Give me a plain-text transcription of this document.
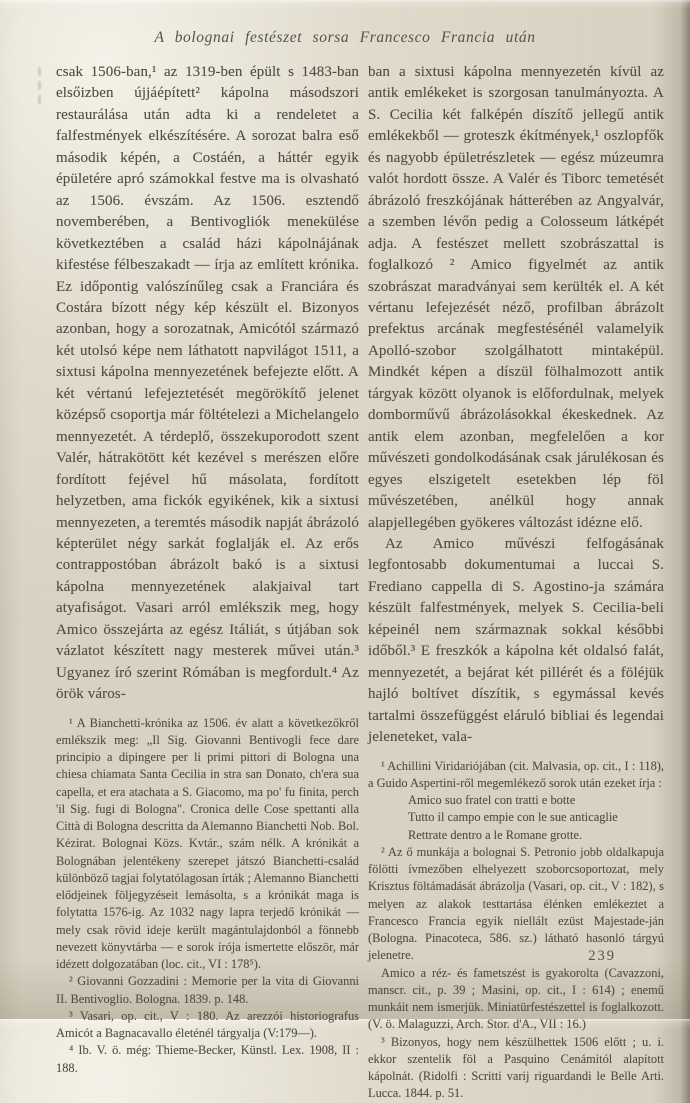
A bolognai festészet sorsa Francesco Francia után

csak 1506-ban,¹ az 1319-ben épült s 1483-ban elsőizben újjáépített² kápolna másodszori restaurálása után adta ki a rendeletet a falfestmények elkészítésére. A sorozat balra eső második képén, a Costáén, a háttér egyik épületére apró számokkal festve ma is olvasható az 1506. évszám. Az 1506. esztendő novemberében, a Bentivogliók menekülése következtében a család házi kápolnájának kifestése félbeszakadt — írja az említett krónika. Ez időpontig valószínűleg csak a Franciára és Costára bízott négy kép készült el. Bizonyos azonban, hogy a sorozatnak, Amicótól származó két utolsó képe nem láthatott napvilágot 1511, a sixtusi kápolna mennyezetének befejezte előtt. A két vértanú lefejeztetését megörökítő jelenet középső csoportja már föltételezi a Michelangelo mennyezetét. A térdeplő, összekuporodott szent Valér, hátrakötött két kezével s merészen előre fordított fejével hű másolata, fordított helyzetben, ama fickók egyikének, kik a sixtusi mennyezeten, a teremtés második napját ábrázoló képterület négy sarkát foglalják el. Az erős contrappostóban ábrázolt bakó is a sixtusi kápolna mennyezetének alakjaival tart atyafiságot. Vasari arról emlékszik meg, hogy Amico összejárta az egész Itáliát, s útjában sok vázlatot készített nagy mesterek művei után.³ Ugyanez író szerint Rómában is megfordult.⁴ Az örök város-

¹ A Bianchetti-krónika az 1506. év alatt a következőkről emlékszik meg: „Il Sig. Giovanni Bentivogli fece dare principio a dipingere per li primi pittori di Bologna una chiesa chiamata Santa Cecilia in stra san Donato, ch'era sua capella, et era atachata a S. Giacomo, ma po' fu finita, perch 'il Sig. fugi di Bologna". Cronica delle Cose spettanti alla Città di Bologna descritta da Alemanno Bianchetti Nob. Bol. Kézirat. Bolognai Közs. Kvtár., szám nélk. A krónikát a Bolognában jelentékeny szerepet játszó Bianchetti-család különböző tagjai folytatólagosan írták ; Alemanno Bianchetti elődjeinek följegyzéseit lemásolta, s a krónikát maga is folytatta 1576-ig. Az 1032 nagy lapra terjedő krónikát — mely csak rövid ideje került magántulajdonból a fönnebb nevezett könyvtárba — e sorok írója ismertette először, már idézett dolgozatában (loc. cit., VI : 178⁵).

² Giovanni Gozzadini : Memorie per la vita di Giovanni II. Bentivoglio. Bologna. 1839. p. 148.

³ Vasari, op. cit., V : 180. Az arezzói historiografus Amicót a Bagnacavallo életénél tárgyalja (V:179—).

⁴ Ib. V. ö. még: Thieme-Becker, Künstl. Lex. 1908, II : 188.

ban a sixtusi kápolna mennyezetén kívül az antik emlékeket is szorgosan tanulmányozta. A S. Cecilia két falképén díszítő jellegű antik emlékekből — groteszk ékítmények,¹ oszlopfők és nagyobb épületrészletek — egész múzeumra valót hordott össze. A Valér és Tiborc temetését ábrázoló freszkójának hátterében az Angyalvár, a szemben lévőn pedig a Colosseum látképét adja. A festészet mellett szobrászattal is foglalkozó ² Amico figyelmét az antik szobrászat maradványai sem kerülték el. A két vértanu lefejezését néző, profilban ábrázolt prefektus arcának megfestésénél valamelyik Apolló-szobor szolgálhatott mintaképül. Mindkét képen a díszül fölhalmozott antik tárgyak között olyanok is előfordulnak, melyek domborművű ábrázolásokkal ékeskednek. Az antik elem azonban, megfelelően a kor művészeti gondolkodásának csak járulékosan és egyes elszigetelt esetekben lép föl művészetében, anélkül hogy annak alapjellegében gyökeres változást idézne elő.

Az Amico művészi felfogásának legfontosabb dokumentumai a luccai S. Frediano cappella di S. Agostino-ja számára készült falfestmények, melyek S. Cecilia-beli képeinél nem származnak sokkal későbbi időből.³ E freszkók a kápolna két oldalsó falát, mennyezetét, a bejárat két pillérét és a föléjük hajló boltívet díszítik, s egymással kevés tartalmi összefüggést eláruló bibliai és legendai jeleneteket, vala-

¹ Achillini Viridariójában (cit. Malvasia, op. cit., I : 118), a Guido Aspertini-ről megemlékező sorok után ezeket írja :

Amico suo fratel con tratti e botte

Tutto il campo empie con le sue anticaglie

Rettrate dentro a le Romane grotte.

² Az ő munkája a bolognai S. Petronio jobb oldalkapuja fölötti ívmezőben elhelyezett szoborcsoportozat, mely Krisztus föltámadását ábrázolja (Vasari, op. cit., V : 182), s melyen az alakok testtartása élénken emlékeztet a Francesco Francia egyik niellált ezüst Majestade-ján (Bologna. Pinacoteca, 586. sz.) látható hasonló tárgyú jelenetre.

Amico a réz- és fametszést is gyakorolta (Cavazzoni, manscr. cit., p. 39 ; Masini, op. cit., I : 614) ; enemű munkáit nem ismerjük. Miniatürfestészettel is foglalkozott. (V. ö. Malaguzzi, Arch. Stor. d'A., VII : 16.)

³ Bizonyos, hogy nem készülhettek 1506 előtt ; u. i. ekkor szentelik föl a Pasquino Cenámitól alapított kápolnát. (Ridolfi : Scritti varij riguardandi le Belle Arti. Lucca. 1844. p. 51.

239
